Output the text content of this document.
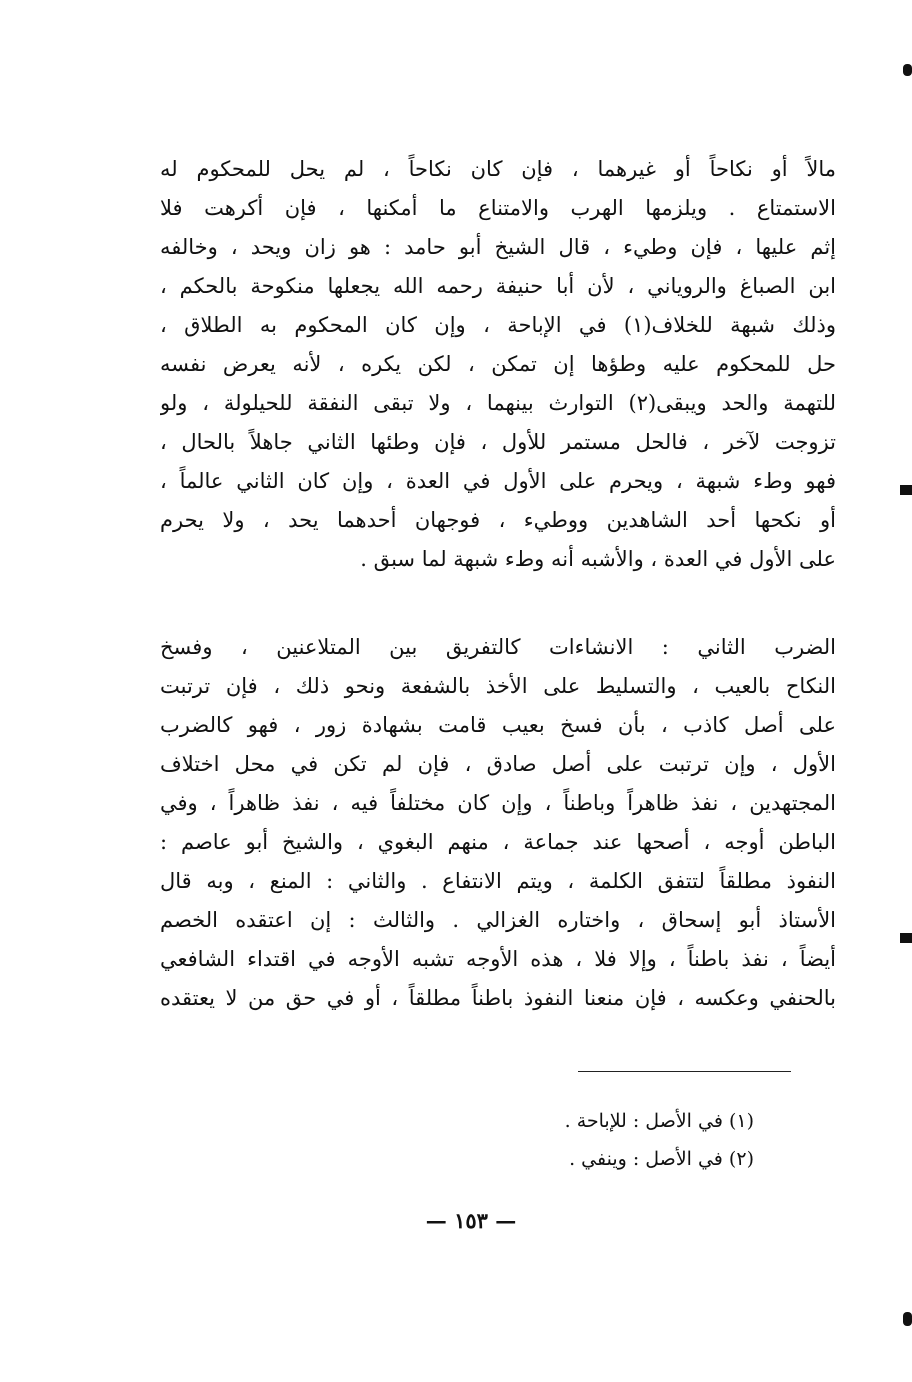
مالاً أو نكاحاً أو غيرهما ، فإن كان نكاحاً ، لم يحل للمحكوم له
الاستمتاع . ويلزمها الهرب والامتناع ما أمكنها ، فإن أكرهت فلا
إثم عليها ، فإن وطيء ، قال الشيخ أبو حامد : هو زان ويحد ، وخالفه
ابن الصباغ والروياني ، لأن أبا حنيفة رحمه الله يجعلها منكوحة بالحكم ،
وذلك شبهة للخلاف(١) في الإباحة ، وإن كان المحكوم به الطلاق ،
حل للمحكوم عليه وطؤها إن تمكن ، لكن يكره ، لأنه يعرض نفسه
للتهمة والحد ويبقى(٢) التوارث بينهما ، ولا تبقى النفقة للحيلولة ، ولو
تزوجت لآخر ، فالحل مستمر للأول ، فإن وطئها الثاني جاهلاً بالحال ،
فهو وطء شبهة ، ويحرم على الأول في العدة ، وإن كان الثاني عالماً ،
أو نكحها أحد الشاهدين ووطيء ، فوجهان أحدهما يحد ، ولا يحرم
على الأول في العدة ، والأشبه أنه وطء شبهة لما سبق .
الضرب الثاني : الانشاءات كالتفريق بين المتلاعنين ، وفسخ
النكاح بالعيب ، والتسليط على الأخذ بالشفعة ونحو ذلك ، فإن ترتبت
على أصل كاذب ، بأن فسخ بعيب قامت بشهادة زور ، فهو كالضرب
الأول ، وإن ترتبت على أصل صادق ، فإن لم تكن في محل اختلاف
المجتهدين ، نفذ ظاهراً وباطناً ، وإن كان مختلفاً فيه ، نفذ ظاهراً ، وفي
الباطن أوجه ، أصحها عند جماعة ، منهم البغوي ، والشيخ أبو عاصم :
النفوذ مطلقاً لتتفق الكلمة ، ويتم الانتفاع . والثاني : المنع ، وبه قال
الأستاذ أبو إسحاق ، واختاره الغزالي . والثالث : إن اعتقده الخصم
أيضاً ، نفذ باطناً ، وإلا فلا ، هذه الأوجه تشبه الأوجه في اقتداء الشافعي
بالحنفي وعكسه ، فإن منعنا النفوذ باطناً مطلقاً ، أو في حق من لا يعتقده
(١) في الأصل : للإباحة .
(٢) في الأصل : وينفي .
— ١٥٣ —
